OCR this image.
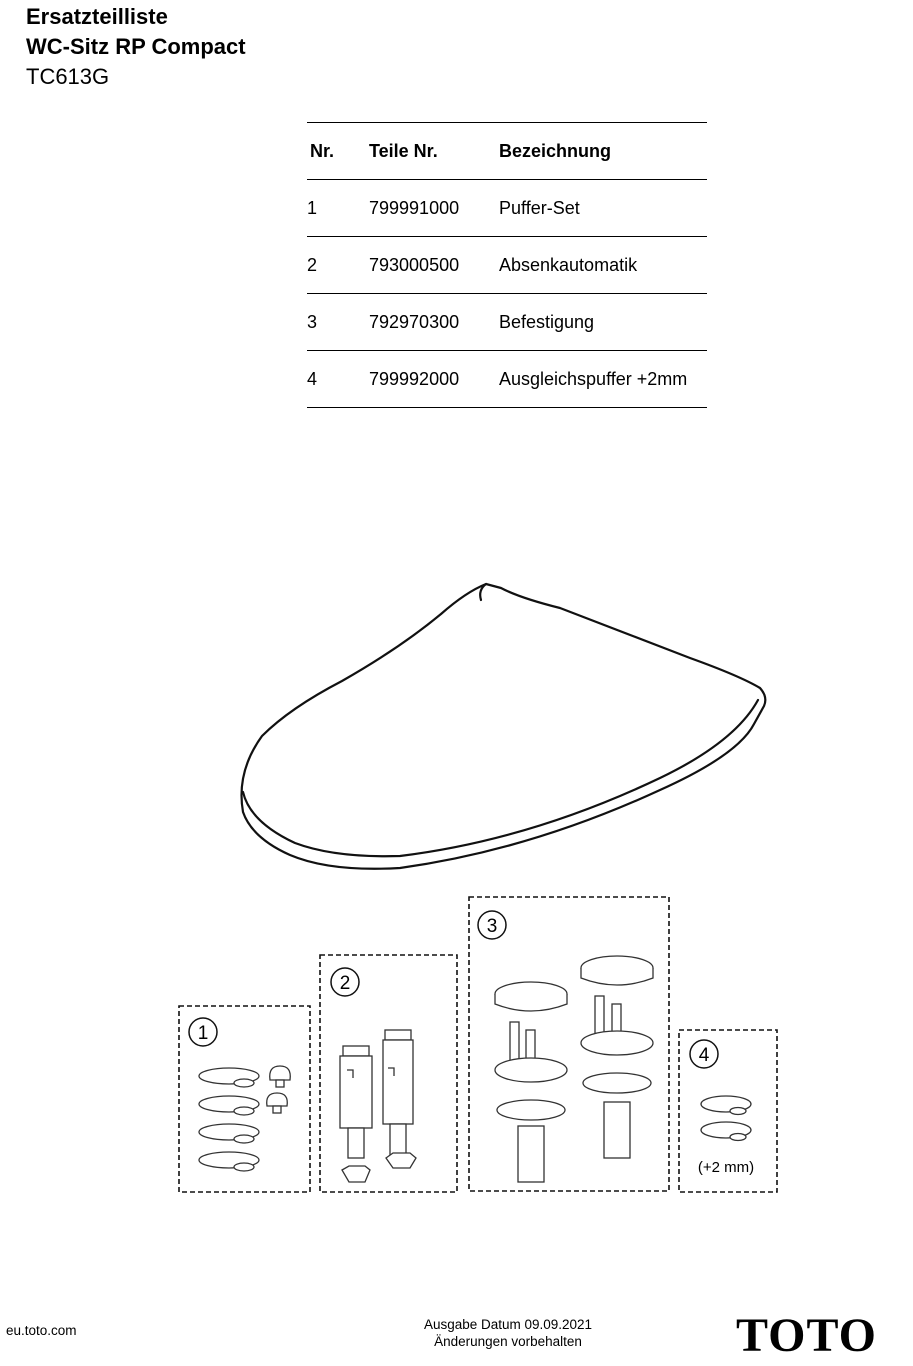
Ersatzteilliste
WC-Sitz RP Compact
TC613G
Nr.	Teile Nr.	Bezeichnung
1	799991000	Puffer-Set
2	793000500	Absenkautomatik
3	792970300	Befestigung
4	799992000	Ausgleichspuffer +2mm
1
2
3
4
(+2 mm)
eu.toto.com	Ausgabe Datum 09.09.2021
Änderungen vorbehalten	TOTO
